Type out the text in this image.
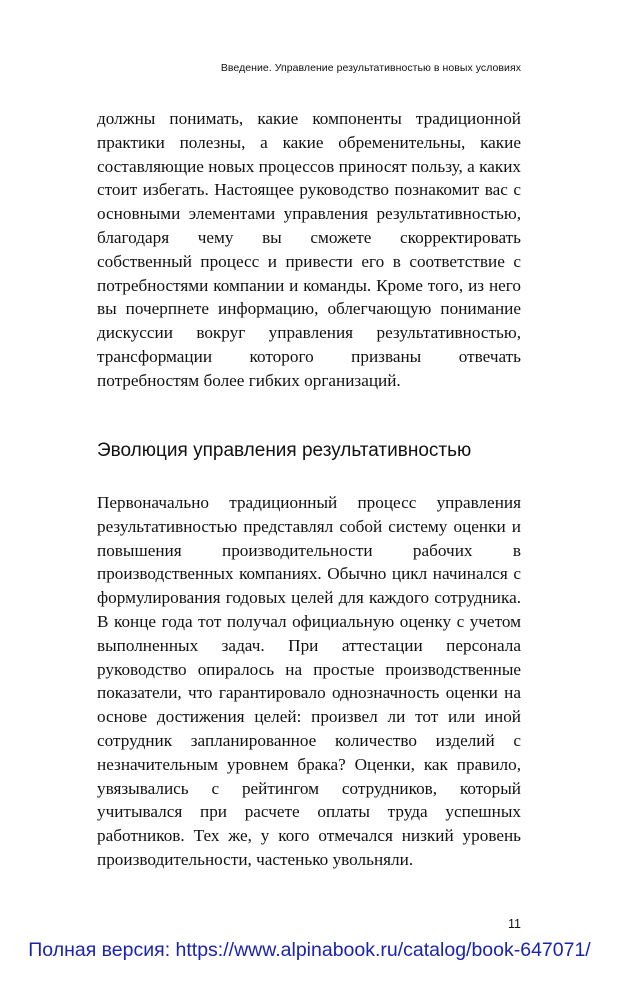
Введение. Управление результативностью в новых условиях

должны понимать, какие компоненты традиционной практики полезны, а какие обременительны, какие составляющие новых процессов приносят пользу, а каких стоит избегать. Настоящее руководство познакомит вас с основными элементами управления результативностью, благодаря чему вы сможете скорректировать собственный процесс и привести его в соответствие с потребностями компании и команды. Кроме того, из него вы почерпнете информацию, облегчающую понимание дискуссии вокруг управления результативностью, трансформации которого призваны отвечать потребностям более гибких организаций.

Эволюция управления результативностью

Первоначально традиционный процесс управления результативностью представлял собой систему оценки и повышения производительности рабочих в производственных компаниях. Обычно цикл начинался с формулирования годовых целей для каждого сотрудника. В конце года тот получал официальную оценку с учетом выполненных задач. При аттестации персонала руководство опиралось на простые производственные показатели, что гарантировало однозначность оценки на основе достижения целей: произвел ли тот или иной сотрудник запланированное количество изделий с незначительным уровнем брака? Оценки, как правило, увязывались с рейтингом сотрудников, который учитывался при расчете оплаты труда успешных работников. Тех же, у кого отмечался низкий уровень производительности, частенько увольняли.

11
Полная версия: https://www.alpinabook.ru/catalog/book-647071/
